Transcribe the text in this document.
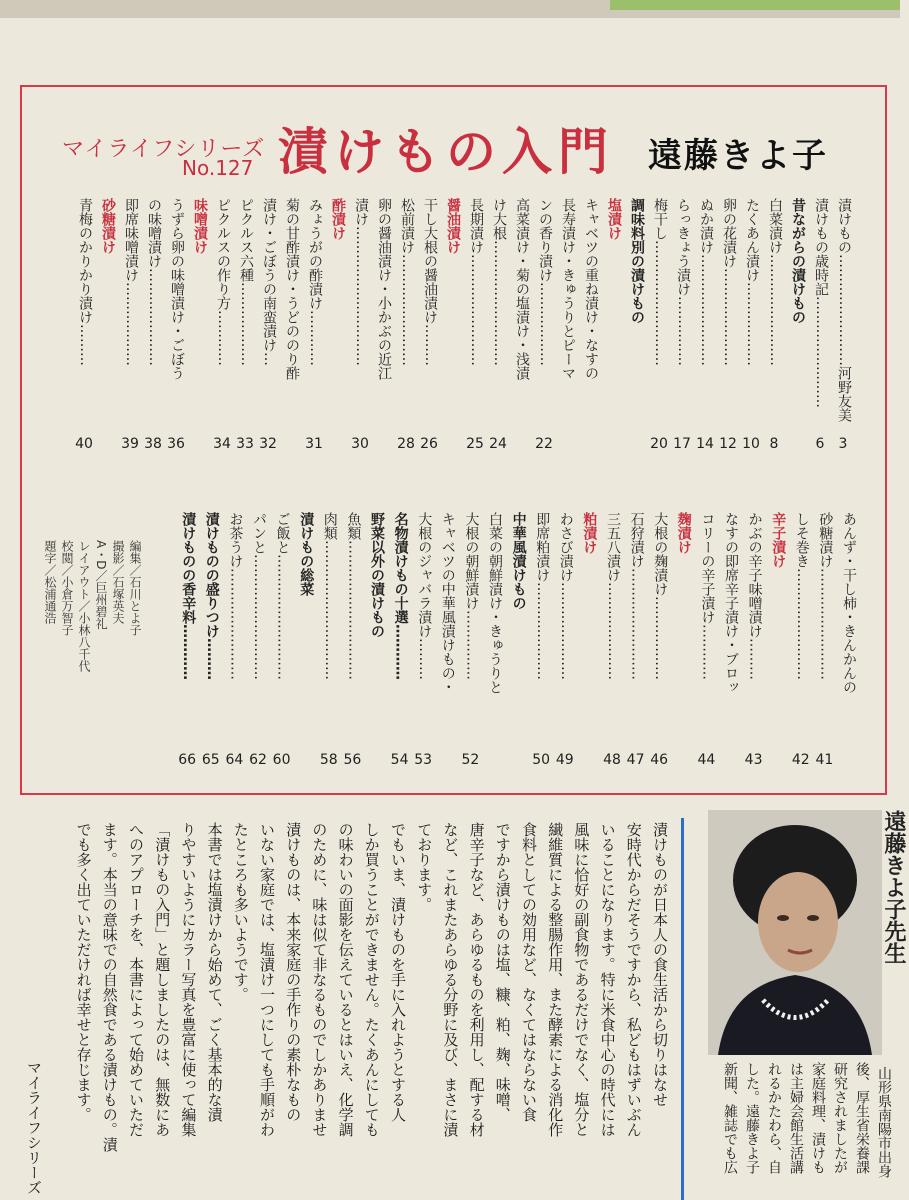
マイライフシリーズ
No.127 漬けもの入門 遠藤きよ子
漬けもの……………………河野友美
3
漬けもの歳時記……………………
6
昔ながらの漬けもの
白菜漬け……………………
8
たくあん漬け………………
10
卵の花漬け…………………
12
ぬか漬け……………………
14
らっきょう漬け……………
17
梅干し………………………
20
調味料別の漬けもの
塩漬け
キャベツの重ね漬け・なすの
長寿漬け・きゅうりとピーマ
ンの香り漬け………………
22
高菜漬け・菊の塩漬け・浅漬
け大根………………………
24
長期漬け……………………
25
醤油漬け
干し大根の醤油漬け………
26
松前漬け……………………
28
卵の醤油漬け・小かぶの近江
漬け…………………………
30
酢漬け
みょうがの酢漬け…………
31
菊の甘酢漬け・うどののり酢
漬け・ごぼうの南蛮漬け…
32
ピクルス六種………………
33
ピクルスの作り方…………
34
味噌漬け
うずら卵の味噌漬け・ごぼう
36
の味噌漬け…………………
38
即席味噌漬け………………
39
砂糖漬け
青梅のかりかり漬け………
40
あんず・干し柿・きんかんの
砂糖漬け……………………
41
しそ巻き……………………
42
辛子漬け
かぶの辛子味噌漬け………
43
なすの即席辛子漬け・ブロッ
コリーの辛子漬け…………
44
麹漬け
大根の麹漬け………………
46
石狩漬け……………………
47
三五八漬け…………………
48
粕漬け
わさび漬け…………………
49
即席粕漬け…………………
50
中華風漬けもの
白菜の朝鮮漬け・きゅうりと
大根の朝鮮漬け……………
52
キャベツの中華風漬けもの・
大根のジャバラ漬け………
53
名物漬けもの十選…………
54
野菜以外の漬けもの
魚類…………………………
56
肉類…………………………
58
漬けもの総菜
ご飯と………………………
60
パンと………………………
62
お茶うけ……………………
64
漬けものの盛りつけ………
65
漬けものの香辛料…………
66
編集／石川とよ子
撮影／石塚英夫
A・D／巨州碧礼
レイアウト／小林八千代
校閲／小倉万智子
題字／松浦通浩
漬けものが日本人の食生活から切りはなせ
安時代からだそうですから、私どもはずいぶん
いることになります。特に米食中心の時代には
風味に恰好の副食物であるだけでなく、塩分と
繊維質による整腸作用、また酵素による消化作
食料としての効用など、なくてはならない食
ですから漬けものは塩、糠、粕、麹、味噌、
唐辛子など、あらゆるものを利用し、配する材
など、これまたあらゆる分野に及び、まさに漬
ております。
でもいま、漬けものを手に入れようとする人
しか買うことができません。たくあんにしても
の味わいの面影を伝えているとはいえ、化学調
のために、味は似て非なるものでしかありませ
漬けものは、本来家庭の手作りの素朴なもの
いない家庭では、塩漬け一つにしても手順がわ
たところも多いようです。
本書では塩漬けから始めて、ごく基本的な漬
りやすいようにカラー写真を豊富に使って編集
「漬けもの入門」と題しましたのは、無数にあ
へのアプローチを、本書によって始めていただ
ます。本当の意味での自然食である漬けもの。漬
でも多く出ていただければ幸せと存じます。
マイライフシリーズ
遠藤きよ子先生
山形県南陽市出身
後、厚生省栄養課
研究されましたが
家庭料理、漬けも
は主婦会館生活講
れるかたわら、自
した。遠藤きよ子
新聞、雑誌でも広
